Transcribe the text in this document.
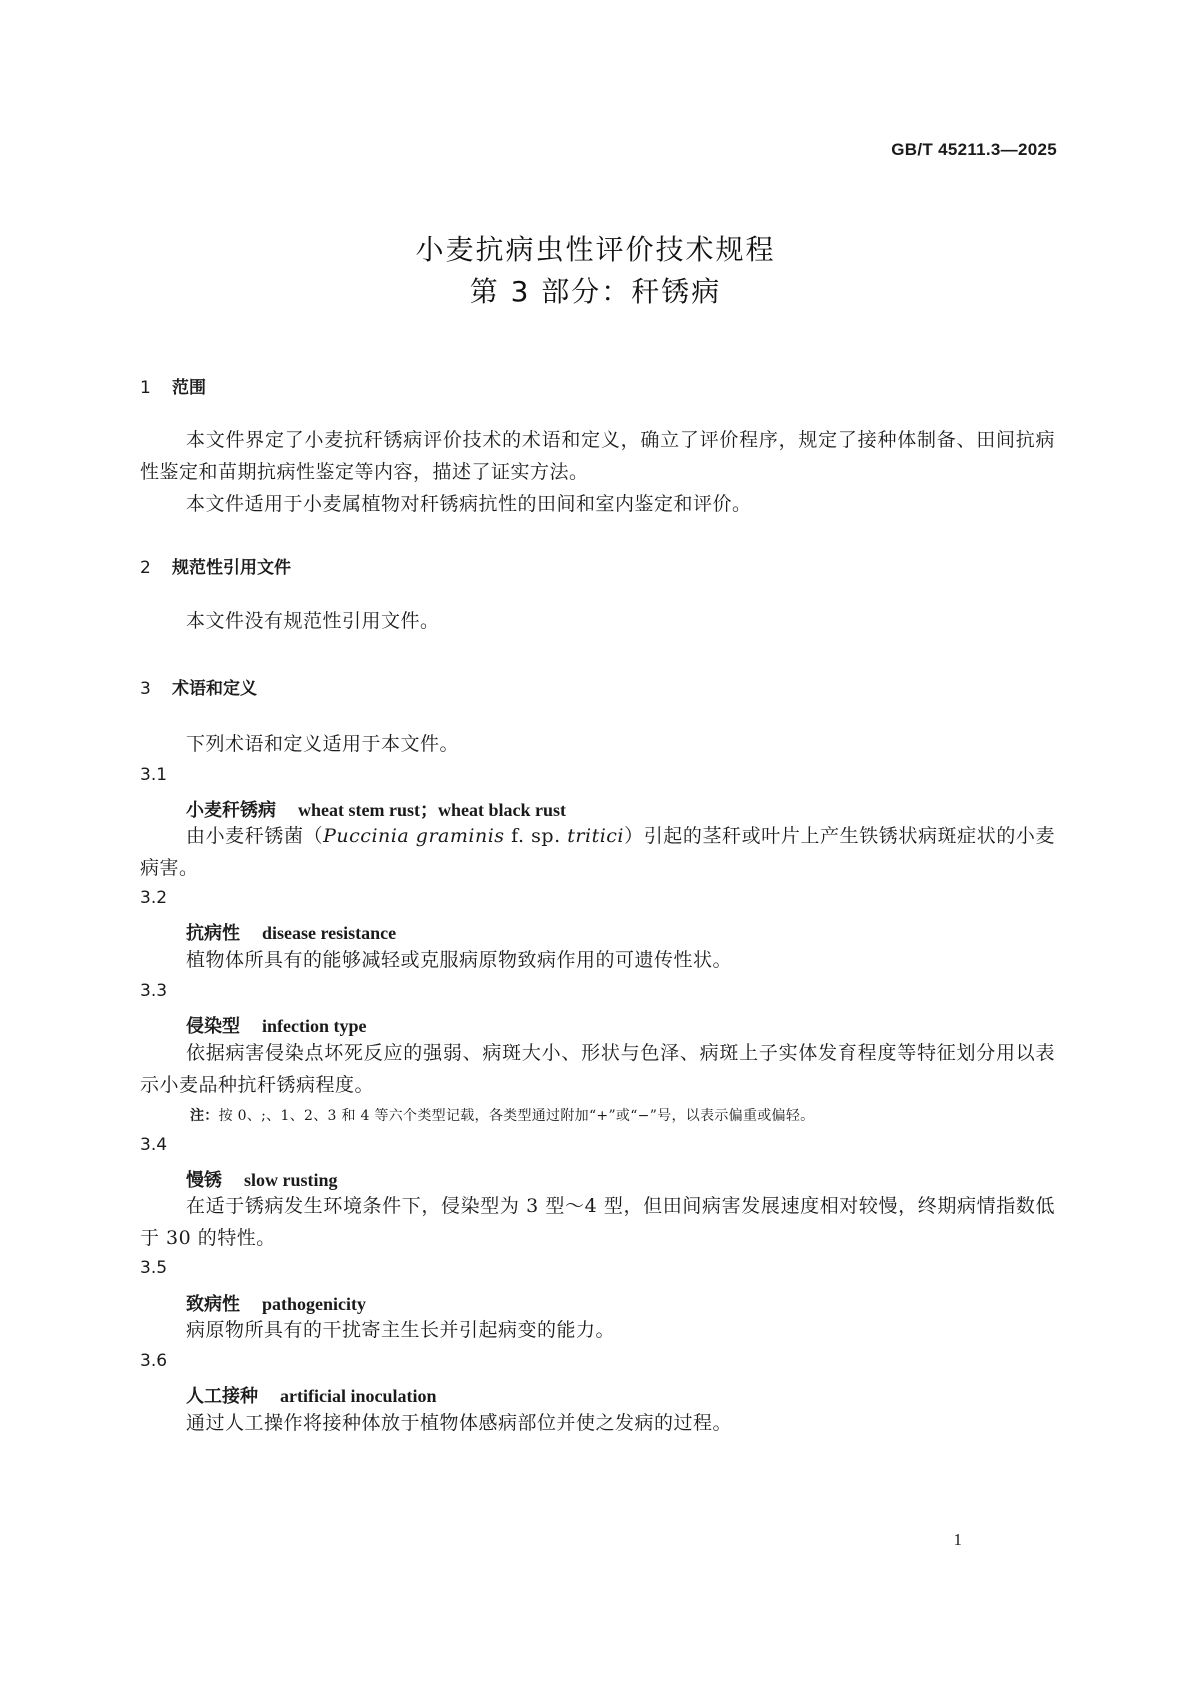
GB/T 45211.3—2025
小麦抗病虫性评价技术规程
第 3 部分：秆锈病
1 范围
本文件界定了小麦抗秆锈病评价技术的术语和定义，确立了评价程序，规定了接种体制备、田间抗病性鉴定和苗期抗病性鉴定等内容，描述了证实方法。
本文件适用于小麦属植物对秆锈病抗性的田间和室内鉴定和评价。
2 规范性引用文件
本文件没有规范性引用文件。
3 术语和定义
下列术语和定义适用于本文件。
3.1
小麦秆锈病 wheat stem rust；wheat black rust
由小麦秆锈菌（Puccinia graminis f. sp. tritici）引起的茎秆或叶片上产生铁锈状病斑症状的小麦病害。
3.2
抗病性 disease resistance
植物体所具有的能够减轻或克服病原物致病作用的可遗传性状。
3.3
侵染型 infection type
依据病害侵染点坏死反应的强弱、病斑大小、形状与色泽、病斑上子实体发育程度等特征划分用以表示小麦品种抗秆锈病程度。
注：按 0、;、1、2、3 和 4 等六个类型记载，各类型通过附加“+”或“−”号，以表示偏重或偏轻。
3.4
慢锈 slow rusting
在适于锈病发生环境条件下，侵染型为 3 型～4 型，但田间病害发展速度相对较慢，终期病情指数低于 30 的特性。
3.5
致病性 pathogenicity
病原物所具有的干扰寄主生长并引起病变的能力。
3.6
人工接种 artificial inoculation
通过人工操作将接种体放于植物体感病部位并使之发病的过程。
1
